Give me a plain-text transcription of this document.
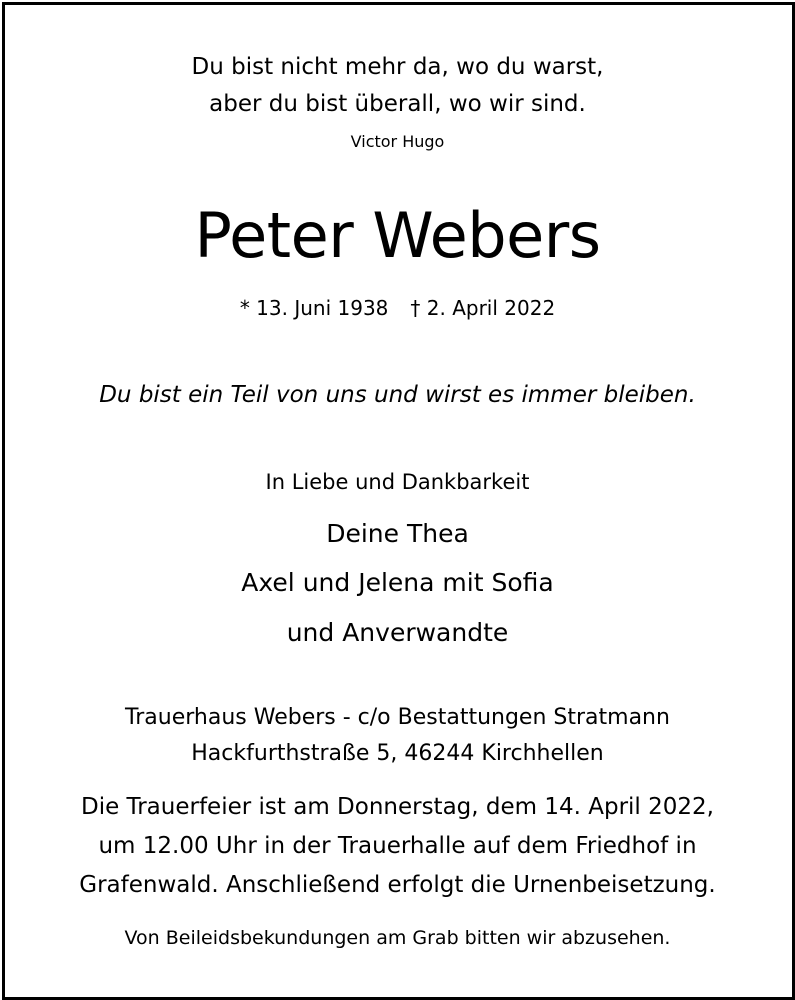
Du bist nicht mehr da, wo du warst,
aber du bist überall, wo wir sind.
Victor Hugo
Peter Webers
* 13. Juni 1938 † 2. April 2022
Du bist ein Teil von uns und wirst es immer bleiben.
In Liebe und Dankbarkeit
Deine Thea
Axel und Jelena mit Sofia
und Anverwandte
Trauerhaus Webers - c/o Bestattungen Stratmann
Hackfurthstraße 5, 46244 Kirchhellen
Die Trauerfeier ist am Donnerstag, dem 14. April 2022,
um 12.00 Uhr in der Trauerhalle auf dem Friedhof in
Grafenwald. Anschließend erfolgt die Urnenbeisetzung.
Von Beileidsbekundungen am Grab bitten wir abzusehen.
